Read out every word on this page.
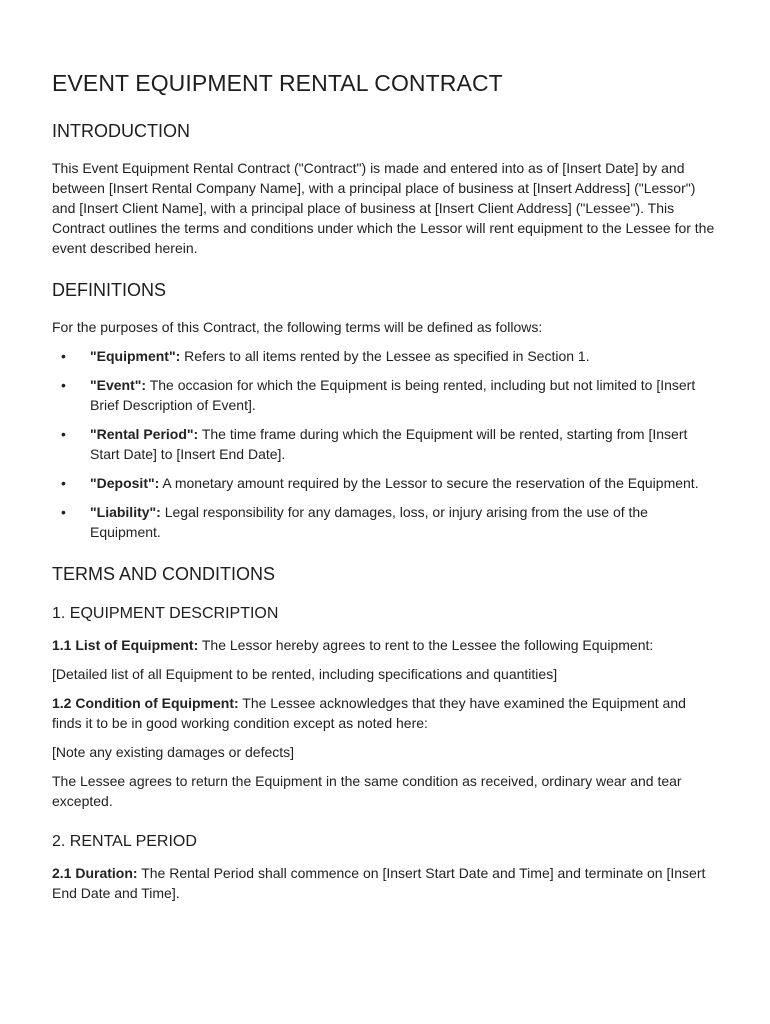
EVENT EQUIPMENT RENTAL CONTRACT
INTRODUCTION

This Event Equipment Rental Contract ("Contract") is made and entered into as of [Insert Date] by and between [Insert Rental Company Name], with a principal place of business at [Insert Address] ("Lessor") and [Insert Client Name], with a principal place of business at [Insert Client Address] ("Lessee"). This Contract outlines the terms and conditions under which the Lessor will rent equipment to the Lessee for the event described herein.

DEFINITIONS

For the purposes of this Contract, the following terms will be defined as follows:

• "Equipment": Refers to all items rented by the Lessee as specified in Section 1.
• "Event": The occasion for which the Equipment is being rented, including but not limited to [Insert Brief Description of Event].
• "Rental Period": The time frame during which the Equipment will be rented, starting from [Insert Start Date] to [Insert End Date].
• "Deposit": A monetary amount required by the Lessor to secure the reservation of the Equipment.
• "Liability": Legal responsibility for any damages, loss, or injury arising from the use of the Equipment.
TERMS AND CONDITIONS
1. EQUIPMENT DESCRIPTION

1.1 List of Equipment: The Lessor hereby agrees to rent to the Lessee the following Equipment:

[Detailed list of all Equipment to be rented, including specifications and quantities]

1.2 Condition of Equipment: The Lessee acknowledges that they have examined the Equipment and finds it to be in good working condition except as noted here:

[Note any existing damages or defects]

The Lessee agrees to return the Equipment in the same condition as received, ordinary wear and tear excepted.

2. RENTAL PERIOD

2.1 Duration: The Rental Period shall commence on [Insert Start Date and Time] and terminate on [Insert End Date and Time].
